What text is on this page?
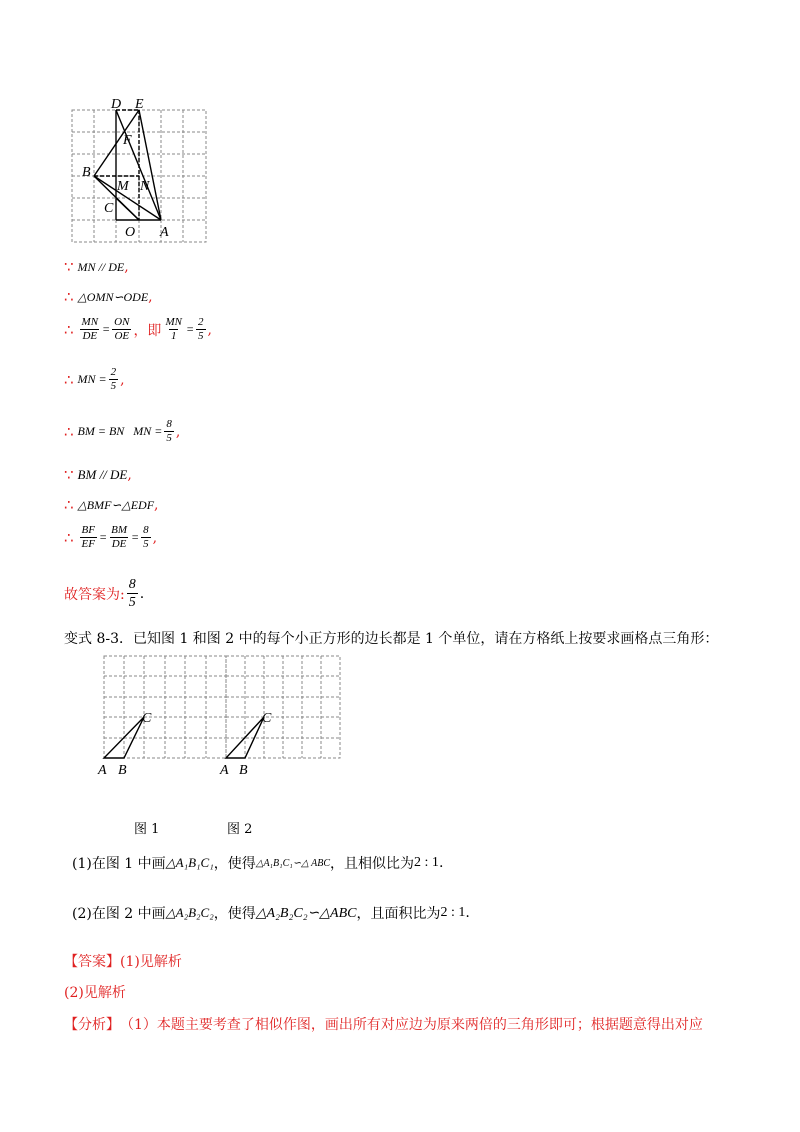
D E
F
B
M N
C
O A
∵ MN // DE ,
∴ △OMN∽ODE ,
∴ $\frac{MN}{DE} = \frac{ON}{OE}$ ，即 $\frac{MN}{1} = \frac{2}{5}$ ,
∴ MN = $\frac{2}{5}$ ,
∴ BM = BN   MN = $\frac{8}{5}$ ,
∵ BM // DE ,
∴ △BMF∽△EDF ,
∴ $\frac{BF}{EF} = \frac{BM}{DE} = \frac{8}{5}$ ,
故答案为: $\frac{8}{5}$ .
变式 8-3．已知图 1 和图 2 中的每个小正方形的边长都是 1 个单位，请在方格纸上按要求画格点三角形：
A B
C
A B
C
图 1	图 2
(1)在图 1 中画 △A₁B₁C₁ ，使得 △A₁B₁C₁∽△ ABC ，且相似比为 2 : 1 .
(2)在图 2 中画 △A₂B₂C₂ ，使得 △A₂B₂C₂∽△ABC ，且面积比为 2 : 1 .
【答案】 (1)见解析
(2)见解析
【分析】 （1）本题主要考查了相似作图，画出所有对应边为原来两倍的三角形即可；根据题意得出对应
